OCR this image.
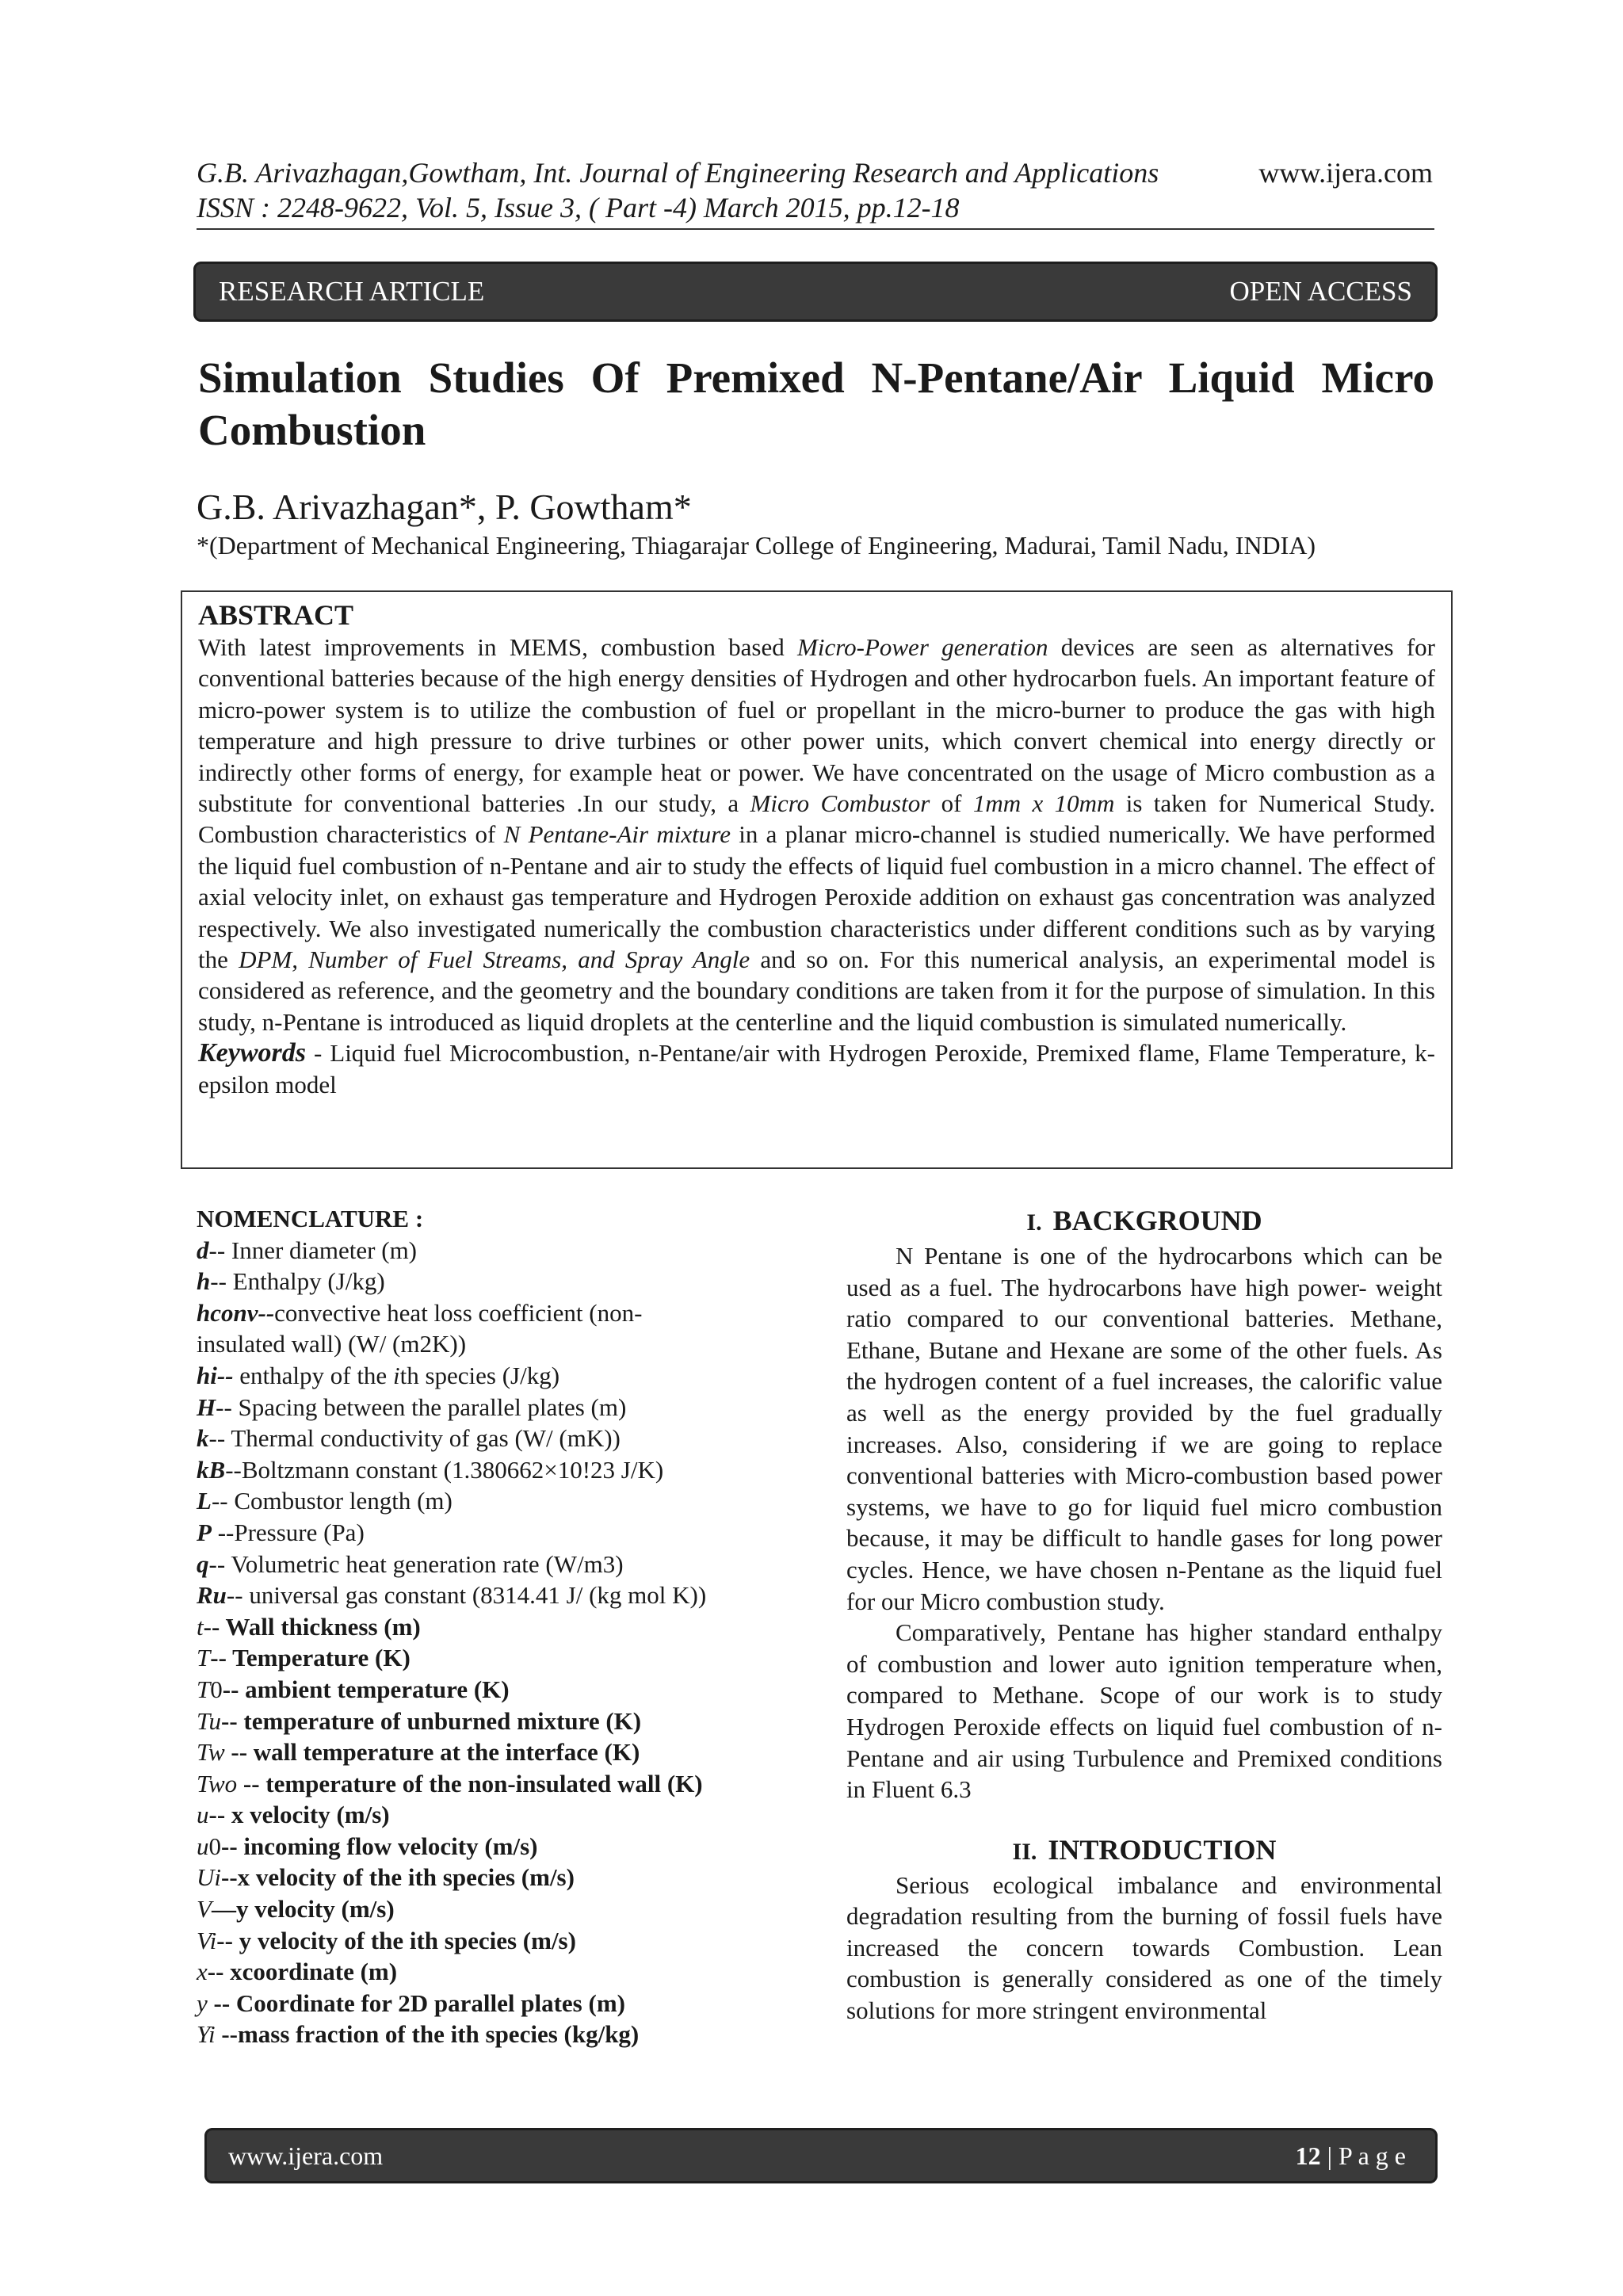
G.B. Arivazhagan,Gowtham, Int. Journal of Engineering Research and Applications	www.ijera.com
ISSN : 2248-9622, Vol. 5, Issue 3, ( Part -4) March 2015, pp.12-18
RESEARCH ARTICLE	OPEN ACCESS
Simulation Studies Of Premixed N-Pentane/Air Liquid Micro
Combustion
G.B. Arivazhagan*, P. Gowtham*
*(Department of Mechanical Engineering, Thiagarajar College of Engineering, Madurai, Tamil Nadu, INDIA)
ABSTRACT

With latest improvements in MEMS, combustion based Micro-Power generation devices are seen as alternatives for conventional batteries because of the high energy densities of Hydrogen and other hydrocarbon fuels. An important feature of micro-power system is to utilize the combustion of fuel or propellant in the micro-burner to produce the gas with high temperature and high pressure to drive turbines or other power units, which convert chemical into energy directly or indirectly other forms of energy, for example heat or power. We have concentrated on the usage of Micro combustion as a substitute for conventional batteries .In our study, a Micro Combustor of 1mm x 10mm is taken for Numerical Study. Combustion characteristics of N Pentane-Air mixture in a planar micro-channel is studied numerically. We have performed the liquid fuel combustion of n-Pentane and air to study the effects of liquid fuel combustion in a micro channel. The effect of axial velocity inlet, on exhaust gas temperature and Hydrogen Peroxide addition on exhaust gas concentration was analyzed respectively. We also investigated numerically the combustion characteristics under different conditions such as by varying the DPM, Number of Fuel Streams, and Spray Angle and so on. For this numerical analysis, an experimental model is considered as reference, and the geometry and the boundary conditions are taken from it for the purpose of simulation. In this study, n-Pentane is introduced as liquid droplets at the centerline and the liquid combustion is simulated numerically.

Keywords - Liquid fuel Microcombustion, n-Pentane/air with Hydrogen Peroxide, Premixed flame, Flame Temperature, k-epsilon model

NOMENCLATURE :
d-- Inner diameter (m)
h-- Enthalpy (J/kg)
hconv--convective heat loss coefficient (non-
insulated wall) (W/ (m2K))
hi-- enthalpy of the ith species (J/kg)
H-- Spacing between the parallel plates (m)
k-- Thermal conductivity of gas (W/ (mK))
kB--Boltzmann constant (1.380662×10!23 J/K)
L-- Combustor length (m)
P --Pressure (Pa)
q-- Volumetric heat generation rate (W/m3)
Ru-- universal gas constant (8314.41 J/ (kg mol K))
t-- Wall thickness (m)
T-- Temperature (K)
T0-- ambient temperature (K)
Tu-- temperature of unburned mixture (K)
Tw -- wall temperature at the interface (K)
Two -- temperature of the non-insulated wall (K)
u-- x velocity (m/s)
u0-- incoming flow velocity (m/s)
Ui--x velocity of the ith species (m/s)
V—y velocity (m/s)
Vi-- y velocity of the ith species (m/s)
x-- xcoordinate (m)
y -- Coordinate for 2D parallel plates (m)
Yi --mass fraction of the ith species (kg/kg)
I. BACKGROUND

N Pentane is one of the hydrocarbons which can be used as a fuel. The hydrocarbons have high power- weight ratio compared to our conventional batteries. Methane, Ethane, Butane and Hexane are some of the other fuels. As the hydrogen content of a fuel increases, the calorific value as well as the energy provided by the fuel gradually increases. Also, considering if we are going to replace conventional batteries with Micro-combustion based power systems, we have to go for liquid fuel micro combustion because, it may be difficult to handle gases for long power cycles. Hence, we have chosen n-Pentane as the liquid fuel for our Micro combustion study.

Comparatively, Pentane has higher standard enthalpy of combustion and lower auto ignition temperature when, compared to Methane. Scope of our work is to study Hydrogen Peroxide effects on liquid fuel combustion of n-Pentane and air using Turbulence and Premixed conditions in Fluent 6.3

II. INTRODUCTION

Serious ecological imbalance and environmental degradation resulting from the burning of fossil fuels have increased the concern towards Combustion. Lean combustion is generally considered as one of the timely solutions for more stringent environmental

www.ijera.com	12 | P a g e
